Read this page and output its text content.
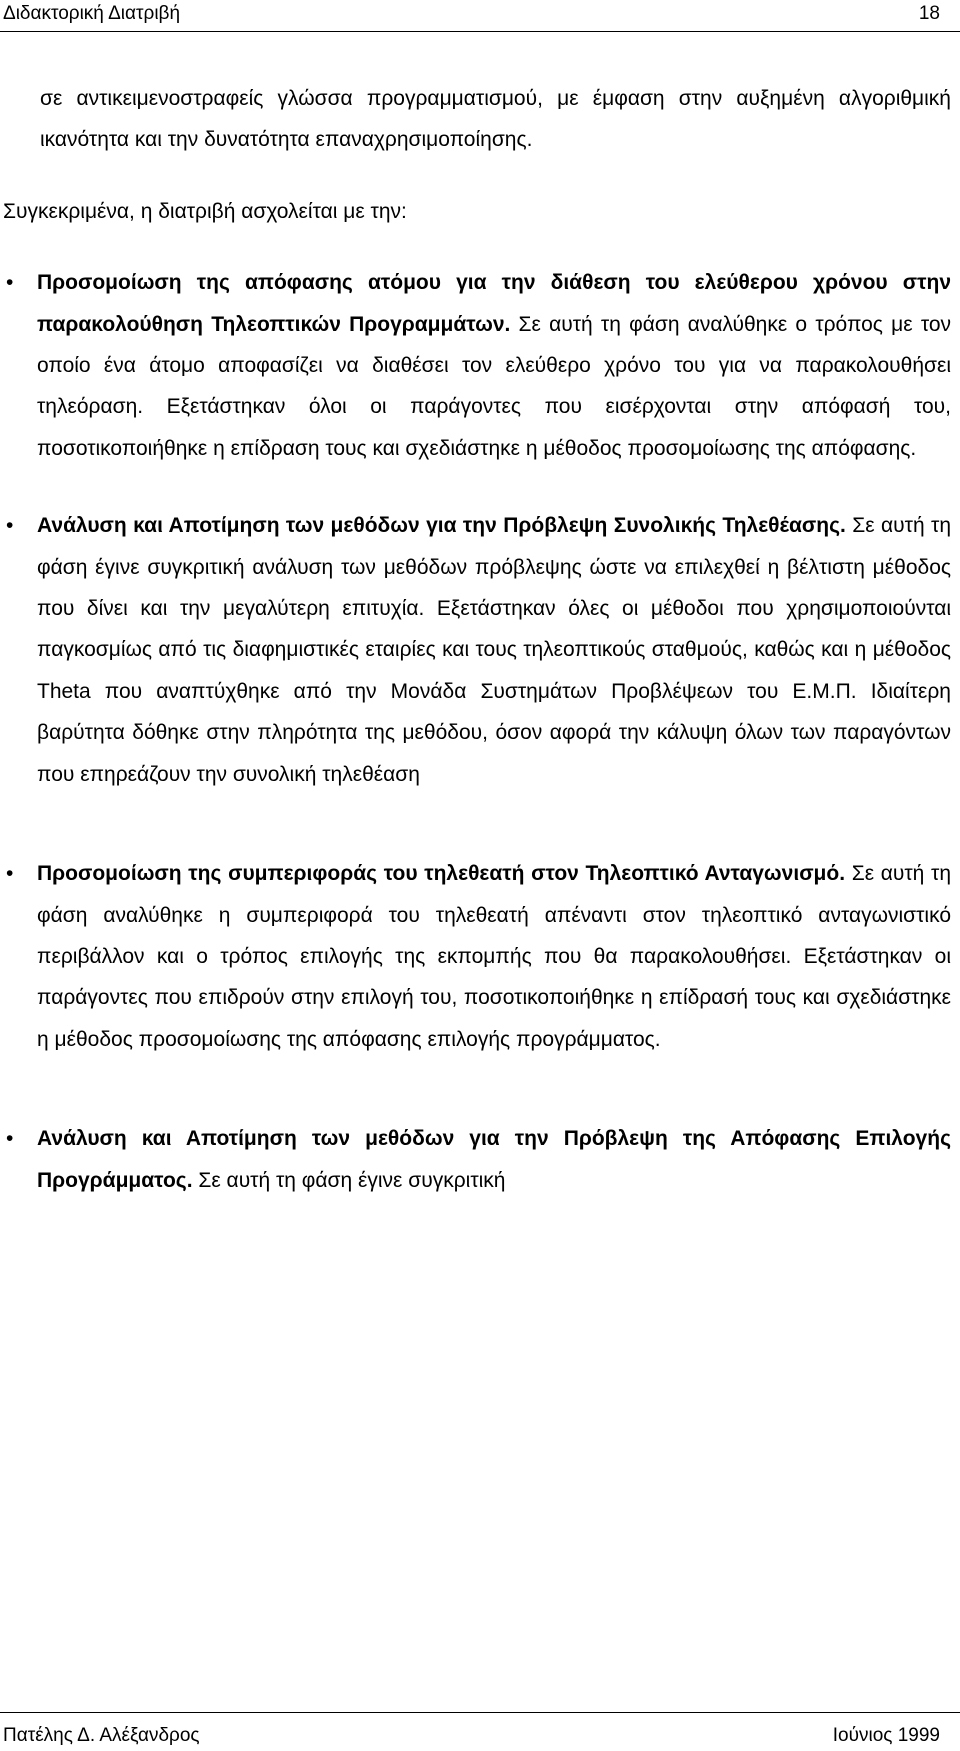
Διδακτορική Διατριβή	18

σε αντικειμενοστραφείς γλώσσα προγραμματισμού, με έμφαση στην αυξημένη αλγοριθμική ικανότητα και την δυνατότητα επαναχρησιμοποίησης.

Συγκεκριμένα, η διατριβή ασχολείται με την:

•	Προσομοίωση της απόφασης ατόμου για την διάθεση του ελεύθερου χρόνου στην παρακολούθηση Τηλεοπτικών Προγραμμάτων. Σε αυτή τη φάση αναλύθηκε ο τρόπος με τον οποίο ένα άτομο αποφασίζει να διαθέσει τον ελεύθερο χρόνο του για να παρακολουθήσει τηλεόραση. Εξετάστηκαν όλοι οι παράγοντες που εισέρχονται στην απόφασή του, ποσοτικοποιήθηκε η επίδραση τους και σχεδιάστηκε η μέθοδος προσομοίωσης της απόφασης.
•	Ανάλυση και Αποτίμηση των μεθόδων για την Πρόβλεψη Συνολικής Τηλεθέασης. Σε αυτή τη φάση έγινε συγκριτική ανάλυση των μεθόδων πρόβλεψης ώστε να επιλεχθεί η βέλτιστη μέθοδος που δίνει και την μεγαλύτερη επιτυχία. Εξετάστηκαν όλες οι μέθοδοι που χρησιμοποιούνται παγκοσμίως από τις διαφημιστικές εταιρίες και τους τηλεοπτικούς σταθμούς, καθώς και η μέθοδος Theta που αναπτύχθηκε από την Μονάδα Συστημάτων Προβλέψεων του Ε.Μ.Π. Ιδιαίτερη βαρύτητα δόθηκε στην πληρότητα της μεθόδου, όσον αφορά την κάλυψη όλων των παραγόντων που επηρεάζουν την συνολική τηλεθέαση
•	Προσομοίωση της συμπεριφοράς του τηλεθεατή στον Τηλεοπτικό Ανταγωνισμό. Σε αυτή τη φάση αναλύθηκε η συμπεριφορά του τηλεθεατή απέναντι στον τηλεοπτικό ανταγωνιστικό περιβάλλον και ο τρόπος επιλογής της εκπομπής που θα παρακολουθήσει. Εξετάστηκαν οι παράγοντες που επιδρούν στην επιλογή του, ποσοτικοποιήθηκε η επίδρασή τους και σχεδιάστηκε η μέθοδος προσομοίωσης της απόφασης επιλογής προγράμματος.
•	Ανάλυση και Αποτίμηση των μεθόδων για την Πρόβλεψη της Απόφασης Επιλογής Προγράμματος. Σε αυτή τη φάση έγινε συγκριτική
Πατέλης Δ. Αλέξανδρος	Ιούνιος 1999
